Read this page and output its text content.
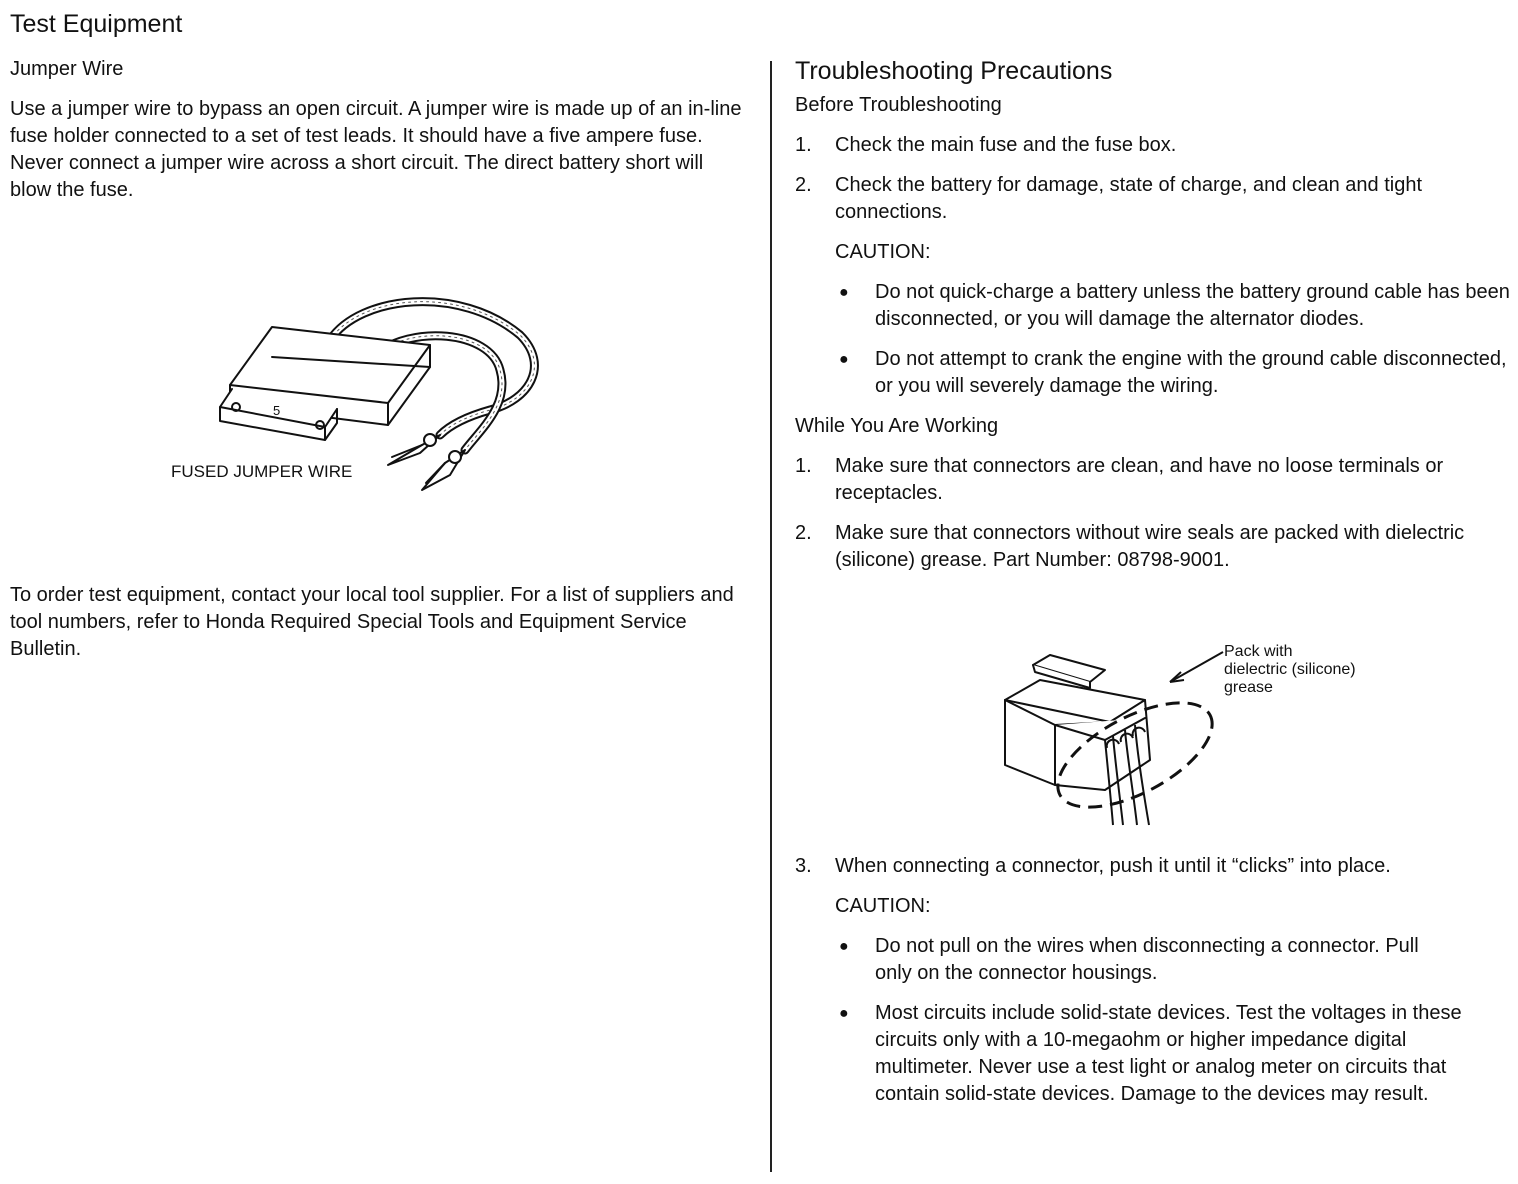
Test Equipment

Jumper Wire

Use a jumper wire to bypass an open circuit. A jumper wire is made up of an in-line fuse holder connected to a set of test leads. It should have a five ampere fuse. Never connect a jumper wire across a short circuit. The direct battery short will blow the fuse.

5
FUSED JUMPER WIRE

To order test equipment, contact your local tool supplier. For a list of suppliers and tool numbers, refer to Honda Required Special Tools and Equipment Service Bulletin.

Troubleshooting Precautions

Before Troubleshooting

1.	Check the main fuse and the fuse box.
2.	Check the battery for damage, state of charge, and clean and tight connections.
CAUTION:
●	Do not quick-charge a battery unless the battery ground cable has been disconnected, or you will damage the alternator diodes.
●	Do not attempt to crank the engine with the ground cable disconnected, or you will severely damage the wiring.

While You Are Working

1.	Make sure that connectors are clean, and have no loose terminals or receptacles.
2.	Make sure that connectors without wire seals are packed with dielectric (silicone) grease. Part Number: 08798-9001.
Pack with
dielectric (silicone)
grease
3.	When connecting a connector, push it until it “clicks” into place.
CAUTION:
●	Do not pull on the wires when disconnecting a connector. Pull only on the connector housings.
●	Most circuits include solid-state devices. Test the voltages in these circuits only with a 10-megaohm or higher impedance digital multimeter. Never use a test light or analog meter on circuits that contain solid-state devices. Damage to the devices may result.
